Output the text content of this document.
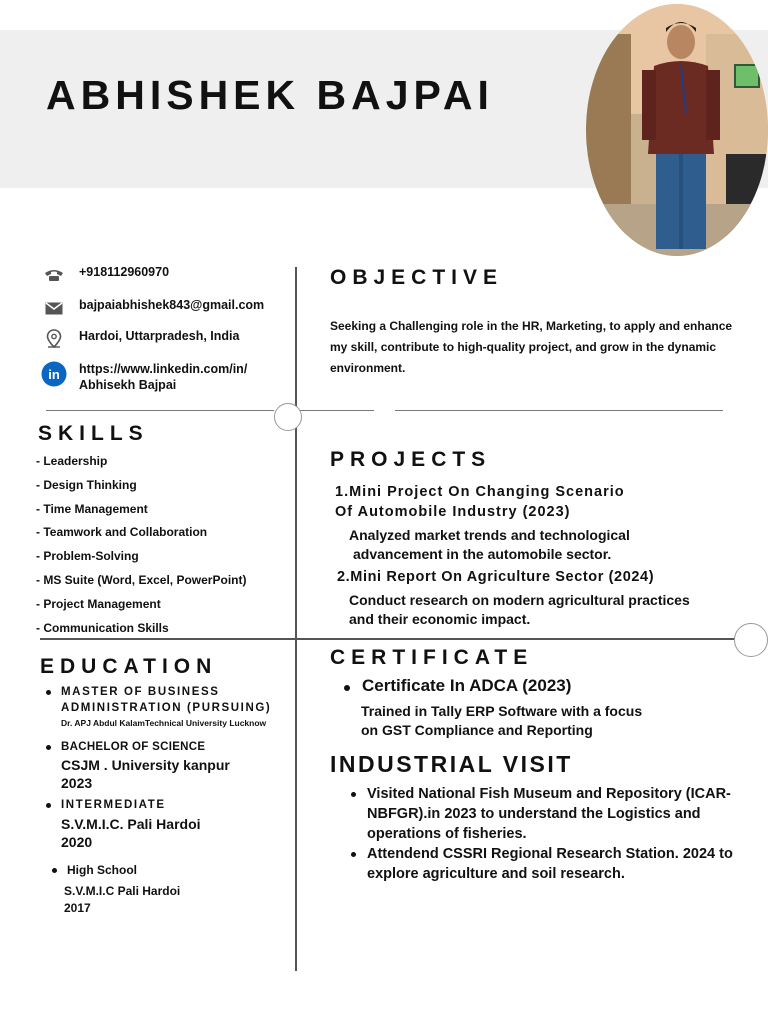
ABHISHEK BAJPAI
+918112960970
bajpaiabhishek843@gmail.com
Hardoi, Uttarpradesh, India
in https://www.linkedin.com/in/
Abhisekh Bajpai
OBJECTIVE
Seeking a Challenging role in the HR, Marketing, to apply and enhance my skill, contribute to high-quality project, and grow in the dynamic environment.
SKILLS
- Leadership
- Design Thinking
- Time Management
- Teamwork and Collaboration
- Problem-Solving
- MS Suite (Word, Excel, PowerPoint)
- Project Management
- Communication Skills
PROJECTS
1.Mini Project On Changing Scenario
Of Automobile Industry (2023)
Analyzed market trends and technological
advancement in the automobile sector.
2.Mini Report On Agriculture Sector (2024)
Conduct research on modern agricultural practices
and their economic impact.
EDUCATION
MASTER OF BUSINESS
ADMINISTRATION (PURSUING)
Dr. APJ Abdul KalamTechnical University Lucknow
BACHELOR OF SCIENCE
CSJM . University kanpur
2023
INTERMEDIATE
S.V.M.I.C. Pali Hardoi
2020
High School
S.V.M.I.C Pali Hardoi
2017
CERTIFICATE
Certificate In ADCA (2023)
Trained in Tally ERP Software with a focus
on GST Compliance and Reporting
INDUSTRIAL VISIT
Visited National Fish Museum and Repository (ICAR-NBFGR).in 2023 to understand the Logistics and operations of fisheries.
Attendend CSSRI Regional Research Station. 2024 to explore agriculture and soil research.
